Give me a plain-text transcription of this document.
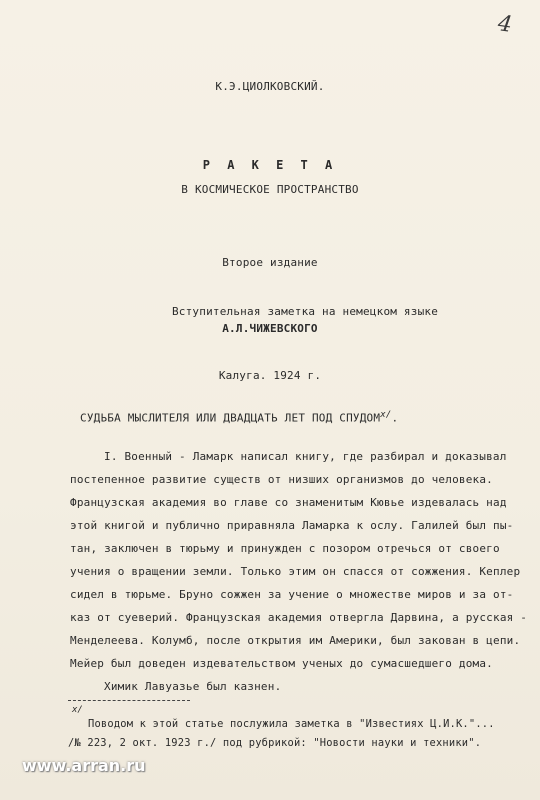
4
К.Э.ЦИОЛКОВСКИЙ.
Р А К Е Т А
В КОСМИЧЕСКОЕ ПРОСТРАНСТВО
Второе издание
Вступительная заметка на немецком языке
А.Л.ЧИЖЕВСКОГО
Калуга. 1924 г.
СУДЬБА МЫСЛИТЕЛЯ ИЛИ ДВАДЦАТЬ ЛЕТ ПОД $СПУДОМ^{x/}$.
I. Военный - Ламарк написал книгу, где разбирал и доказывал
постепенное развитие существ от низших организмов до человека.
Французская академия во главе со знаменитым Кювье издевалась над
этой книгой и публично приравняла Ламарка к ослу. Галилей был пы-
тан, заключен в тюрьму и принужден с позором отречься от своего
учения о вращении земли. Только этим он спасся от сожжения. Кеплер
сидел в тюрьме. Бруно сожжен за учение о множестве миров и за от-
каз от суеверий. Французская академия отвергла Дарвина, а русская -
Менделеева. Колумб, после открытия им Америки, был закован в цепи.
Мейер был доведен издевательством ученых до сумасшедшего дома.
Химик Лавуазье был казнен.
x/
Поводом к этой статье послужила заметка в "Известиях Ц.И.К."...
/№ 223, 2 окт. 1923 г./ под рубрикой: "Новости науки и техники".
www.arran.ru
